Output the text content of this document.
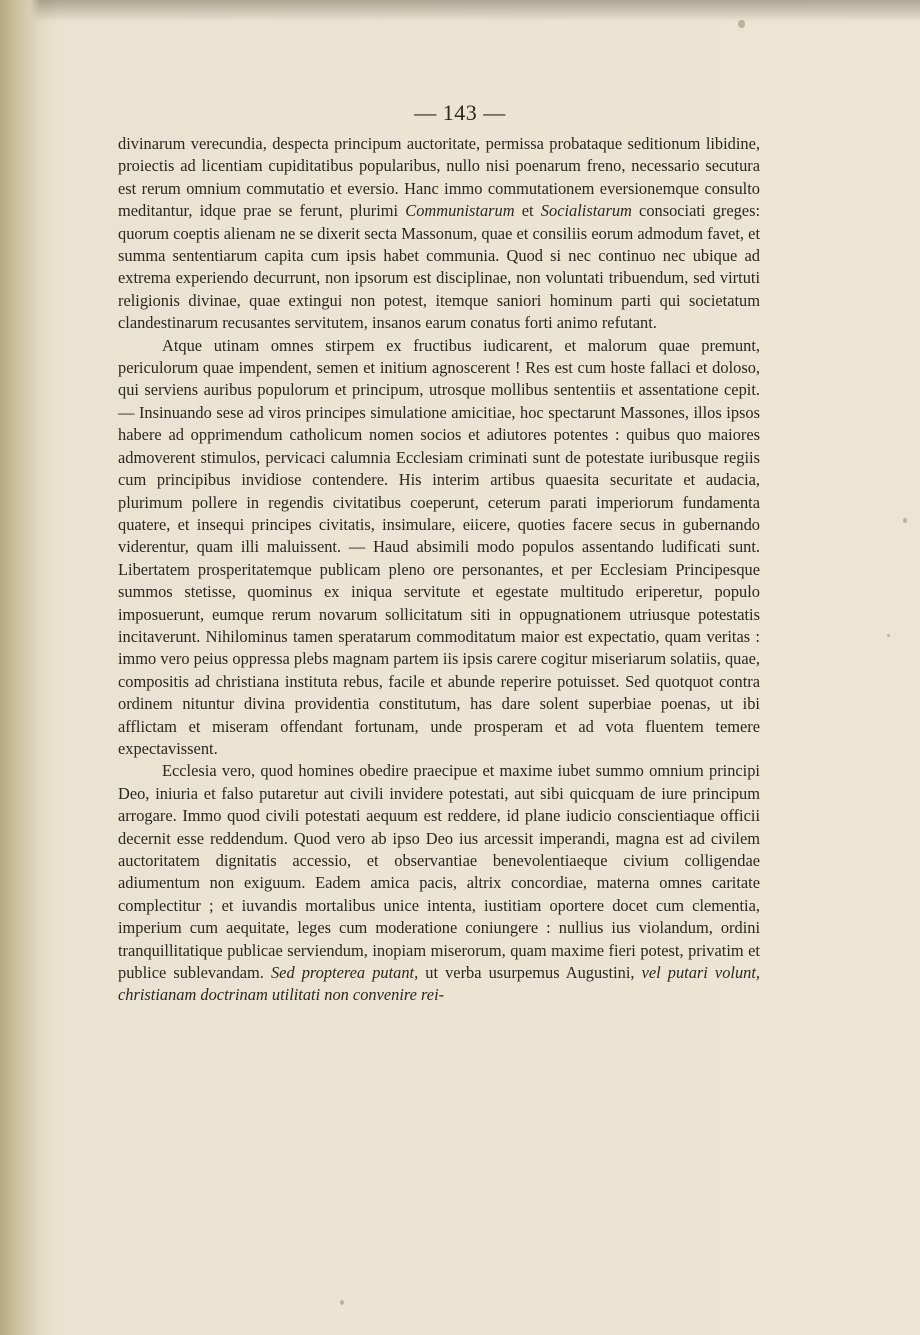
— 143 —

divinarum verecundia, despecta principum auctoritate, permissa probataque seditionum libidine, proiectis ad licentiam cupiditatibus popularibus, nullo nisi poenarum freno, necessario secutura est rerum omnium commutatio et eversio. Hanc immo commutationem eversionemque consulto meditantur, idque prae se ferunt, plurimi Communistarum et Socialistarum consociati greges: quorum coeptis alienam ne se dixerit secta Massonum, quae et consiliis eorum admodum favet, et summa sententiarum capita cum ipsis habet communia. Quod si nec continuo nec ubique ad extrema experiendo decurrunt, non ipsorum est disciplinae, non voluntati tribuendum, sed virtuti religionis divinae, quae extingui non potest, itemque saniori hominum parti qui societatum clandestinarum recusantes servitutem, insanos earum conatus forti animo refutant.

Atque utinam omnes stirpem ex fructibus iudicarent, et malorum quae premunt, periculorum quae impendent, semen et initium agnoscerent ! Res est cum hoste fallaci et doloso, qui serviens auribus populorum et principum, utrosque mollibus sententiis et assentatione cepit. — Insinuando sese ad viros principes simulatione amicitiae, hoc spectarunt Massones, illos ipsos habere ad opprimendum catholicum nomen socios et adiutores potentes : quibus quo maiores admoverent stimulos, pervicaci calumnia Ecclesiam criminati sunt de potestate iuribusque regiis cum principibus invidiose contendere. His interim artibus quaesita securitate et audacia, plurimum pollere in regendis civitatibus coeperunt, ceterum parati imperiorum fundamenta quatere, et insequi principes civitatis, insimulare, eiicere, quoties facere secus in gubernando viderentur, quam illi maluissent. — Haud absimili modo populos assentando ludificati sunt. Libertatem prosperitatemque publicam pleno ore personantes, et per Ecclesiam Principesque summos stetisse, quominus ex iniqua servitute et egestate multitudo eriperetur, populo imposuerunt, eumque rerum novarum sollicitatum siti in oppugnationem utriusque potestatis incitaverunt. Nihilominus tamen speratarum commoditatum maior est expectatio, quam veritas : immo vero peius oppressa plebs magnam partem iis ipsis carere cogitur miseriarum solatiis, quae, compositis ad christiana instituta rebus, facile et abunde reperire potuisset. Sed quotquot contra ordinem nituntur divina providentia constitutum, has dare solent superbiae poenas, ut ibi afflictam et miseram offendant fortunam, unde prosperam et ad vota fluentem temere expectavissent.

Ecclesia vero, quod homines obedire praecipue et maxime iubet summo omnium principi Deo, iniuria et falso putaretur aut civili invidere potestati, aut sibi quicquam de iure principum arrogare. Immo quod civili potestati aequum est reddere, id plane iudicio conscientiaque officii decernit esse reddendum. Quod vero ab ipso Deo ius arcessit imperandi, magna est ad civilem auctoritatem dignitatis accessio, et observantiae benevolentiaeque civium colligendae adiumentum non exiguum. Eadem amica pacis, altrix concordiae, materna omnes caritate complectitur ; et iuvandis mortalibus unice intenta, iustitiam oportere docet cum clementia, imperium cum aequitate, leges cum moderatione coniungere : nullius ius violandum, ordini tranquillitatique publicae serviendum, inopiam miserorum, quam maxime fieri potest, privatim et publice sublevandam. Sed propterea putant, ut verba usurpemus Augustini, vel putari volunt, christianam doctrinam utilitati non convenire rei-
